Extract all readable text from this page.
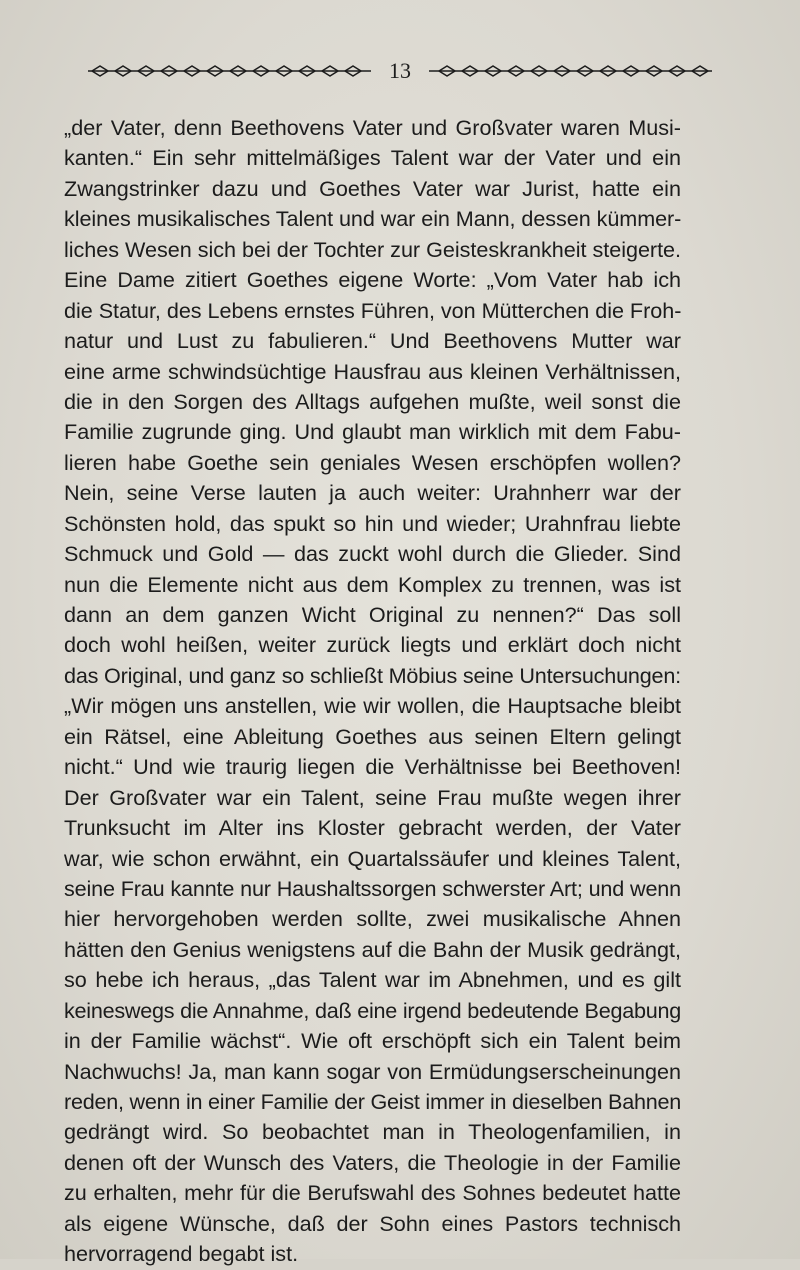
13
„der Vater, denn Beethovens Vater und Großvater waren Musi-
kanten.“ Ein sehr mittelmäßiges Talent war der Vater und ein
Zwangstrinker dazu und Goethes Vater war Jurist, hatte ein
kleines musikalisches Talent und war ein Mann, dessen kümmer-
liches Wesen sich bei der Tochter zur Geisteskrankheit steigerte.
Eine Dame zitiert Goethes eigene Worte: „Vom Vater hab ich
die Statur, des Lebens ernstes Führen, von Mütterchen die Froh-
natur und Lust zu fabulieren.“ Und Beethovens Mutter war
eine arme schwindsüchtige Hausfrau aus kleinen Verhältnissen,
die in den Sorgen des Alltags aufgehen mußte, weil sonst die
Familie zugrunde ging. Und glaubt man wirklich mit dem Fabu-
lieren habe Goethe sein geniales Wesen erschöpfen wollen?
Nein, seine Verse lauten ja auch weiter: Urahnherr war der
Schönsten hold, das spukt so hin und wieder; Urahnfrau liebte
Schmuck und Gold — das zuckt wohl durch die Glieder. Sind
nun die Elemente nicht aus dem Komplex zu trennen, was ist
dann an dem ganzen Wicht Original zu nennen?“ Das soll
doch wohl heißen, weiter zurück liegts und erklärt doch nicht
das Original, und ganz so schließt Möbius seine Untersuchungen:
„Wir mögen uns anstellen, wie wir wollen, die Hauptsache bleibt
ein Rätsel, eine Ableitung Goethes aus seinen Eltern gelingt
nicht.“ Und wie traurig liegen die Verhältnisse bei Beethoven!
Der Großvater war ein Talent, seine Frau mußte wegen ihrer
Trunksucht im Alter ins Kloster gebracht werden, der Vater
war, wie schon erwähnt, ein Quartalssäufer und kleines Talent,
seine Frau kannte nur Haushaltssorgen schwerster Art; und wenn
hier hervorgehoben werden sollte, zwei musikalische Ahnen
hätten den Genius wenigstens auf die Bahn der Musik gedrängt,
so hebe ich heraus, „das Talent war im Abnehmen, und es gilt
keineswegs die Annahme, daß eine irgend bedeutende Begabung
in der Familie wächst“. Wie oft erschöpft sich ein Talent beim
Nachwuchs! Ja, man kann sogar von Ermüdungserscheinungen
reden, wenn in einer Familie der Geist immer in dieselben Bahnen
gedrängt wird. So beobachtet man in Theologenfamilien, in
denen oft der Wunsch des Vaters, die Theologie in der Familie
zu erhalten, mehr für die Berufswahl des Sohnes bedeutet hatte
als eigene Wünsche, daß der Sohn eines Pastors technisch
hervorragend begabt ist.
